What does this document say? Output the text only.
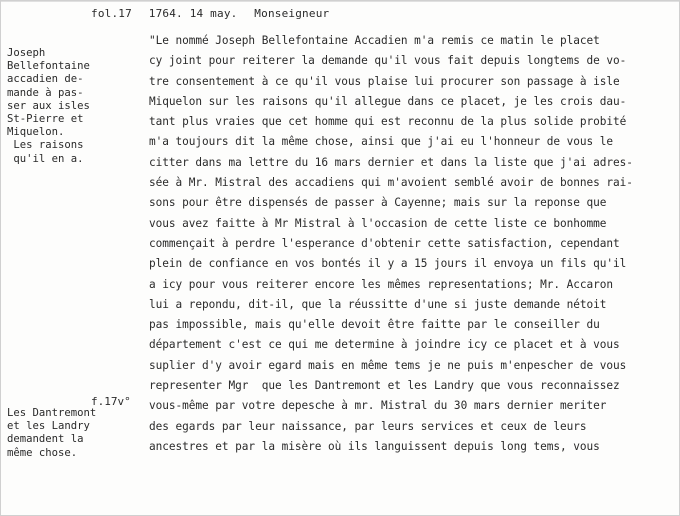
fol.17 1764. 14 may. Monseigneur
Joseph
Bellefontaine
accadien de-
mande à pas-
ser aux isles
St-Pierre et
Miquelon.
Les raisons
qu'il en a.
f.17v°
Les Dantremont
et les Landry
demandent la
même chose.
"Le nommé Joseph Bellefontaine Accadien m'a remis ce matin le placet
cy joint pour reiterer la demande qu'il vous fait depuis longtems de vo-
tre consentement à ce qu'il vous plaise lui procurer son passage à isle
Miquelon sur les raisons qu'il allegue dans ce placet, je les crois dau-
tant plus vraies que cet homme qui est reconnu de la plus solide probité
m'a toujours dit la même chose, ainsi que j'ai eu l'honneur de vous le
citter dans ma lettre du 16 mars dernier et dans la liste que j'ai adres-
sée à Mr. Mistral des accadiens qui m'avoient semblé avoir de bonnes rai-
sons pour être dispensés de passer à Cayenne; mais sur la reponse que
vous avez faitte à Mr Mistral à l'occasion de cette liste ce bonhomme
commençait à perdre l'esperance d'obtenir cette satisfaction, cependant
plein de confiance en vos bontés il y a 15 jours il envoya un fils qu'il
a icy pour vous reiterer encore les mêmes representations; Mr. Accaron
lui a repondu, dit-il, que la réussitte d'une si juste demande nétoit
pas impossible, mais qu'elle devoit être faitte par le conseiller du
département c'est ce qui me determine à joindre icy ce placet et à vous
suplier d'y avoir egard mais en même tems je ne puis m'enpescher de vous
representer Mgr  que les Dantremont et les Landry que vous reconnaissez
vous-même par votre depesche à mr. Mistral du 30 mars dernier meriter
des egards par leur naissance, par leurs services et ceux de leurs
ancestres et par la misère où ils languissent depuis long tems, vous
